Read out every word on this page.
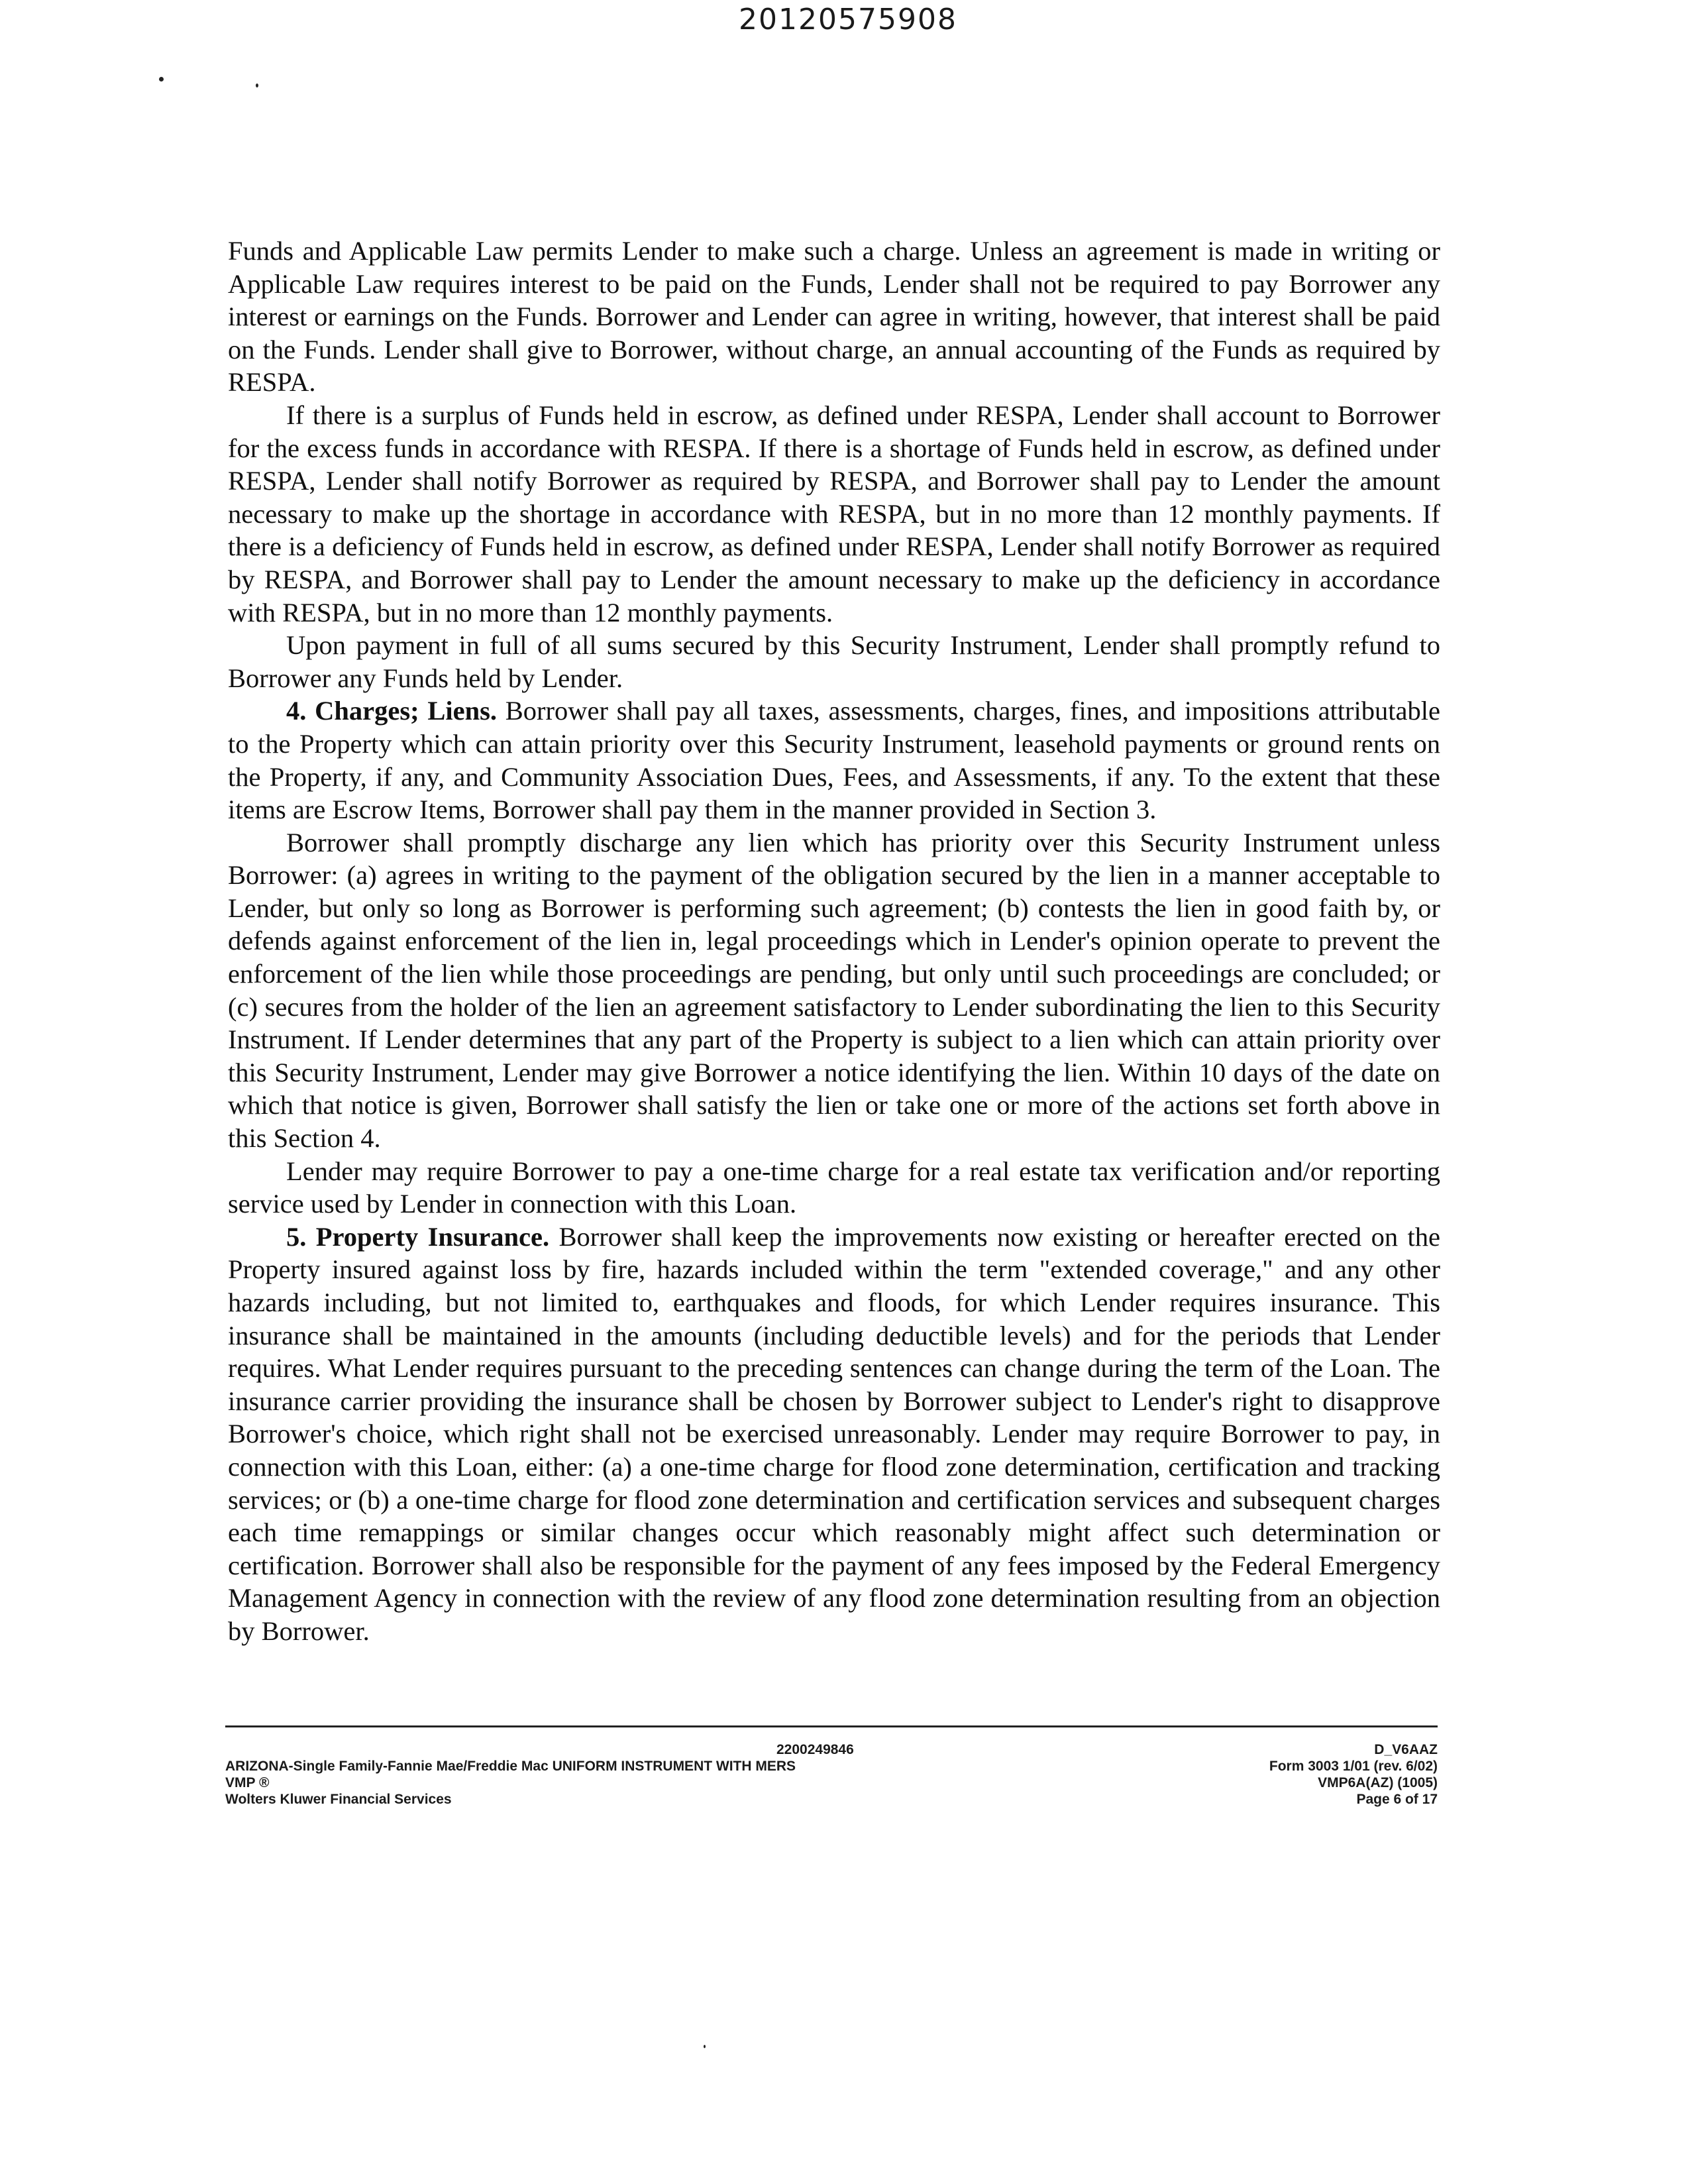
20120575908

Funds and Applicable Law permits Lender to make such a charge. Unless an agreement is made in writing or Applicable Law requires interest to be paid on the Funds, Lender shall not be required to pay Borrower any interest or earnings on the Funds. Borrower and Lender can agree in writing, however, that interest shall be paid on the Funds. Lender shall give to Borrower, without charge, an annual accounting of the Funds as required by RESPA.

If there is a surplus of Funds held in escrow, as defined under RESPA, Lender shall account to Borrower for the excess funds in accordance with RESPA. If there is a shortage of Funds held in escrow, as defined under RESPA, Lender shall notify Borrower as required by RESPA, and Borrower shall pay to Lender the amount necessary to make up the shortage in accordance with RESPA, but in no more than 12 monthly payments. If there is a deficiency of Funds held in escrow, as defined under RESPA, Lender shall notify Borrower as required by RESPA, and Borrower shall pay to Lender the amount necessary to make up the deficiency in accordance with RESPA, but in no more than 12 monthly payments.

Upon payment in full of all sums secured by this Security Instrument, Lender shall promptly refund to Borrower any Funds held by Lender.

4. Charges; Liens. Borrower shall pay all taxes, assessments, charges, fines, and impositions attributable to the Property which can attain priority over this Security Instrument, leasehold payments or ground rents on the Property, if any, and Community Association Dues, Fees, and Assessments, if any. To the extent that these items are Escrow Items, Borrower shall pay them in the manner provided in Section 3.

Borrower shall promptly discharge any lien which has priority over this Security Instrument unless Borrower: (a) agrees in writing to the payment of the obligation secured by the lien in a manner acceptable to Lender, but only so long as Borrower is performing such agreement; (b) contests the lien in good faith by, or defends against enforcement of the lien in, legal proceedings which in Lender's opinion operate to prevent the enforcement of the lien while those proceedings are pending, but only until such proceedings are concluded; or (c) secures from the holder of the lien an agreement satisfactory to Lender subordinating the lien to this Security Instrument. If Lender determines that any part of the Property is subject to a lien which can attain priority over this Security Instrument, Lender may give Borrower a notice identifying the lien. Within 10 days of the date on which that notice is given, Borrower shall satisfy the lien or take one or more of the actions set forth above in this Section 4.

Lender may require Borrower to pay a one-time charge for a real estate tax verification and/or reporting service used by Lender in connection with this Loan.

5. Property Insurance. Borrower shall keep the improvements now existing or hereafter erected on the Property insured against loss by fire, hazards included within the term "extended coverage," and any other hazards including, but not limited to, earthquakes and floods, for which Lender requires insurance. This insurance shall be maintained in the amounts (including deductible levels) and for the periods that Lender requires. What Lender requires pursuant to the preceding sentences can change during the term of the Loan. The insurance carrier providing the insurance shall be chosen by Borrower subject to Lender's right to disapprove Borrower's choice, which right shall not be exercised unreasonably. Lender may require Borrower to pay, in connection with this Loan, either: (a) a one-time charge for flood zone determination, certification and tracking services; or (b) a one-time charge for flood zone determination and certification services and subsequent charges each time remappings or similar changes occur which reasonably might affect such determination or certification. Borrower shall also be responsible for the payment of any fees imposed by the Federal Emergency Management Agency in connection with the review of any flood zone determination resulting from an objection by Borrower.

2200249846
ARIZONA-Single Family-Fannie Mae/Freddie Mac UNIFORM INSTRUMENT WITH MERS
VMP ®
Wolters Kluwer Financial Services
D_V6AAZ
Form 3003 1/01 (rev. 6/02)
VMP6A(AZ) (1005)
Page 6 of 17
